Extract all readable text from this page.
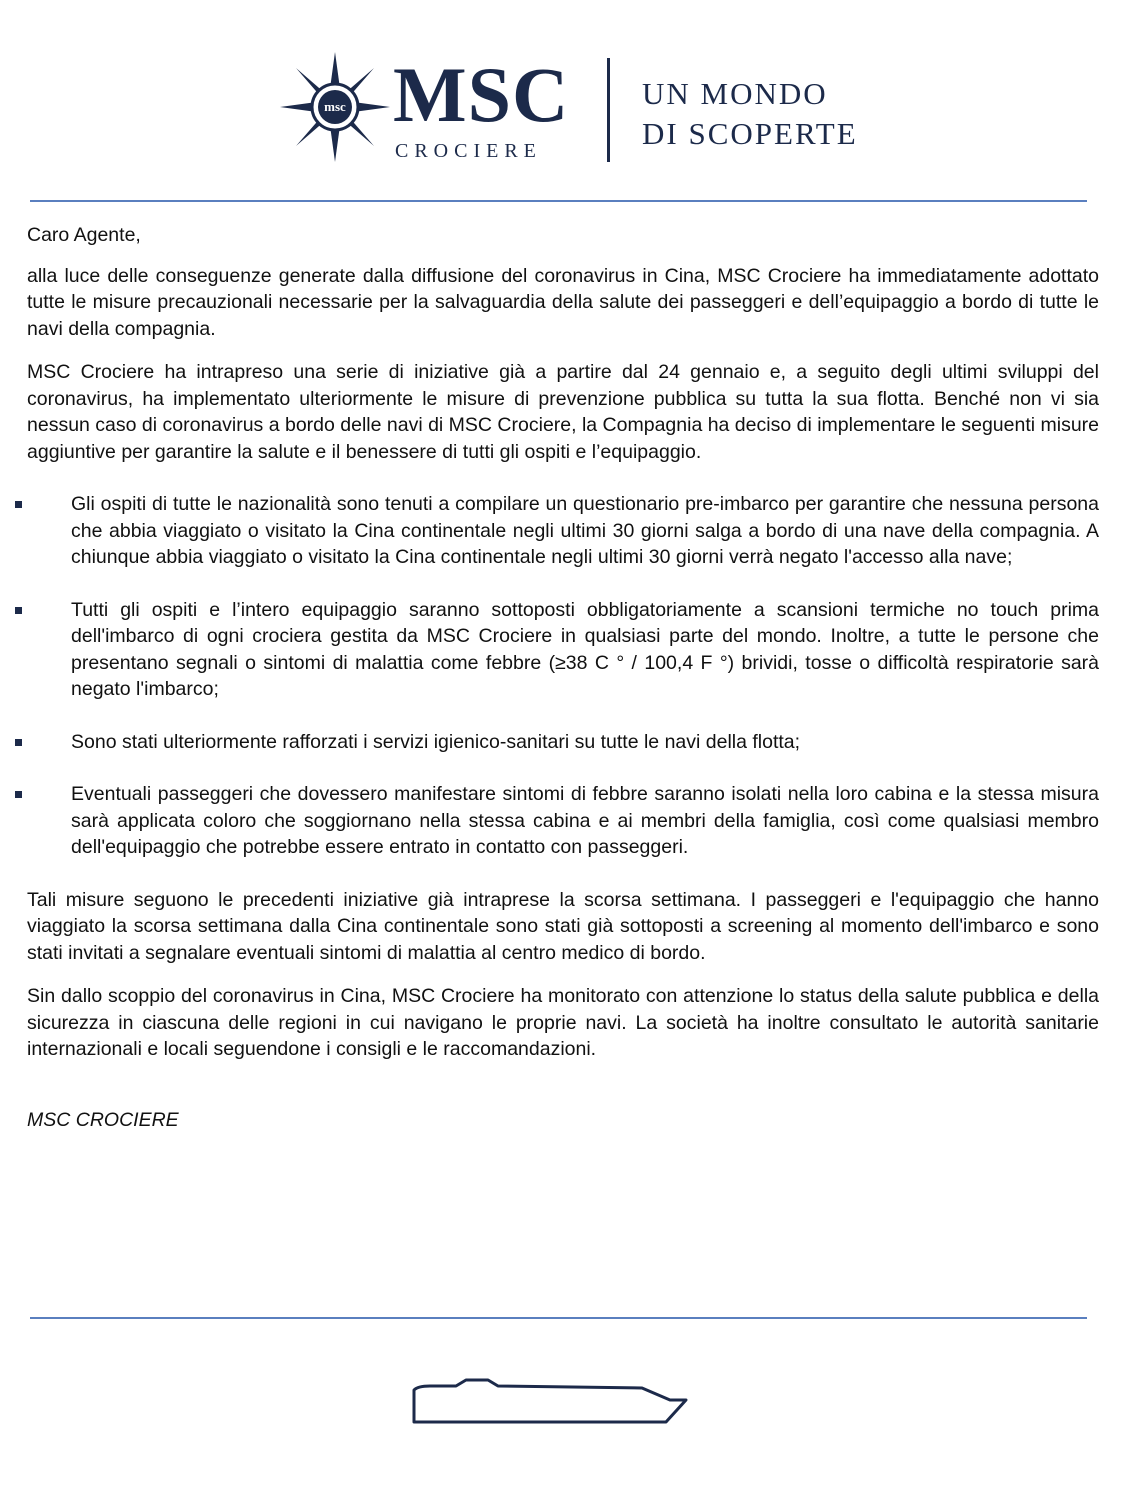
msc MSC
CROCIERE
UN MONDO
DI SCOPERTE

Caro Agente,

alla luce delle conseguenze generate dalla diffusione del coronavirus in Cina, MSC Crociere ha immediatamente adottato tutte le misure precauzionali necessarie per la salvaguardia della salute dei passeggeri e dell’equipaggio a bordo di tutte le navi della compagnia.

MSC Crociere ha intrapreso una serie di iniziative già a partire dal 24 gennaio e, a seguito degli ultimi sviluppi del coronavirus, ha implementato ulteriormente le misure di prevenzione pubblica su tutta la sua flotta. Benché non vi sia nessun caso di coronavirus a bordo delle navi di MSC Crociere, la Compagnia ha deciso di implementare le seguenti misure aggiuntive per garantire la salute e il benessere di tutti gli ospiti e l’equipaggio.

Gli ospiti di tutte le nazionalità sono tenuti a compilare un questionario pre-imbarco per garantire che nessuna persona che abbia viaggiato o visitato la Cina continentale negli ultimi 30 giorni salga a bordo di una nave della compagnia. A chiunque abbia viaggiato o visitato la Cina continentale negli ultimi 30 giorni verrà negato l'accesso alla nave;
Tutti gli ospiti e l’intero equipaggio saranno sottoposti obbligatoriamente a scansioni termiche no touch prima dell'imbarco di ogni crociera gestita da MSC Crociere in qualsiasi parte del mondo. Inoltre, a tutte le persone che presentano segnali o sintomi di malattia come febbre (≥38 C ° / 100,4 F °) brividi, tosse o difficoltà respiratorie sarà negato l'imbarco;
Sono stati ulteriormente rafforzati i servizi igienico-sanitari su tutte le navi della flotta;
Eventuali passeggeri che dovessero manifestare sintomi di febbre saranno isolati nella loro cabina e la stessa misura sarà applicata coloro che soggiornano nella stessa cabina e ai membri della famiglia, così come qualsiasi membro dell'equipaggio che potrebbe essere entrato in contatto con passeggeri.

Tali misure seguono le precedenti iniziative già intraprese la scorsa settimana. I passeggeri e l'equipaggio che hanno viaggiato la scorsa settimana dalla Cina continentale sono stati già sottoposti a screening al momento dell'imbarco e sono stati invitati a segnalare eventuali sintomi di malattia al centro medico di bordo.

Sin dallo scoppio del coronavirus in Cina, MSC Crociere ha monitorato con attenzione lo status della salute pubblica e della sicurezza in ciascuna delle regioni in cui navigano le proprie navi. La società ha inoltre consultato le autorità sanitarie internazionali e locali seguendone i consigli e le raccomandazioni.

MSC CROCIERE
